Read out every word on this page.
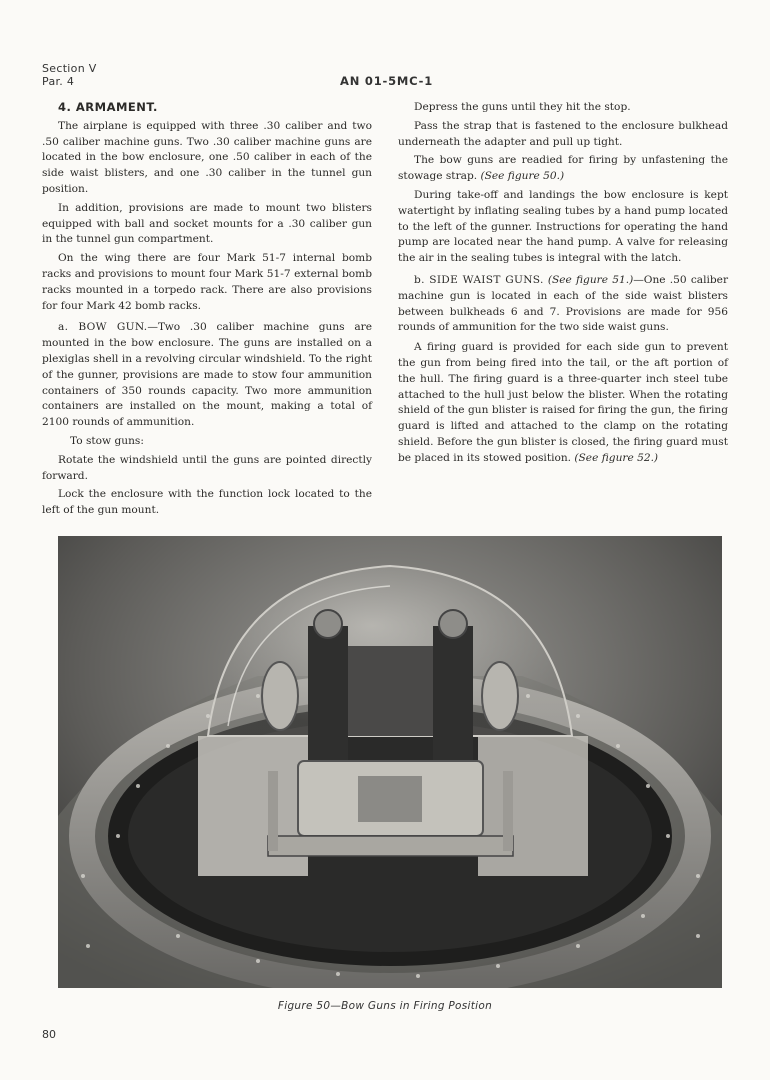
Section V
Par. 4	AN 01-5MC-1

4. ARMAMENT.

The airplane is equipped with three .30 caliber and two .50 caliber machine guns. Two .30 caliber machine guns are located in the bow enclosure, one .50 caliber in each of the side waist blisters, and one .30 caliber in the tunnel gun position.

In addition, provisions are made to mount two blisters equipped with ball and socket mounts for a .30 caliber gun in the tunnel gun compartment.

On the wing there are four Mark 51-7 internal bomb racks and provisions to mount four Mark 51-7 external bomb racks mounted in a torpedo rack. There are also provisions for four Mark 42 bomb racks.

a. BOW GUN.—Two .30 caliber machine guns are mounted in the bow enclosure. The guns are installed on a plexiglas shell in a revolving circular windshield. To the right of the gunner, provisions are made to stow four ammunition containers of 350 rounds capacity. Two more ammunition containers are installed on the mount, making a total of 2100 rounds of ammunition.

To stow guns:

Rotate the windshield until the guns are pointed directly forward.

Lock the enclosure with the function lock located to the left of the gun mount.

Depress the guns until they hit the stop.

Pass the strap that is fastened to the enclosure bulkhead underneath the adapter and pull up tight.

The bow guns are readied for firing by unfastening the stowage strap. (See figure 50.)

During take-off and landings the bow enclosure is kept watertight by inflating sealing tubes by a hand pump located to the left of the gunner. Instructions for operating the hand pump are located near the hand pump. A valve for releasing the air in the sealing tubes is integral with the latch.

b. SIDE WAIST GUNS. (See figure 51.)—One .50 caliber machine gun is located in each of the side waist blisters between bulkheads 6 and 7. Provisions are made for 956 rounds of ammunition for the two side waist guns.

A firing guard is provided for each side gun to prevent the gun from being fired into the tail, or the aft portion of the hull. The firing guard is a three-quarter inch steel tube attached to the hull just below the blister. When the rotating shield of the gun blister is raised for firing the gun, the firing guard is lifted and attached to the clamp on the rotating shield. Before the gun blister is closed, the firing guard must be placed in its stowed position. (See figure 52.)

Figure 50—Bow Guns in Firing Position
80
